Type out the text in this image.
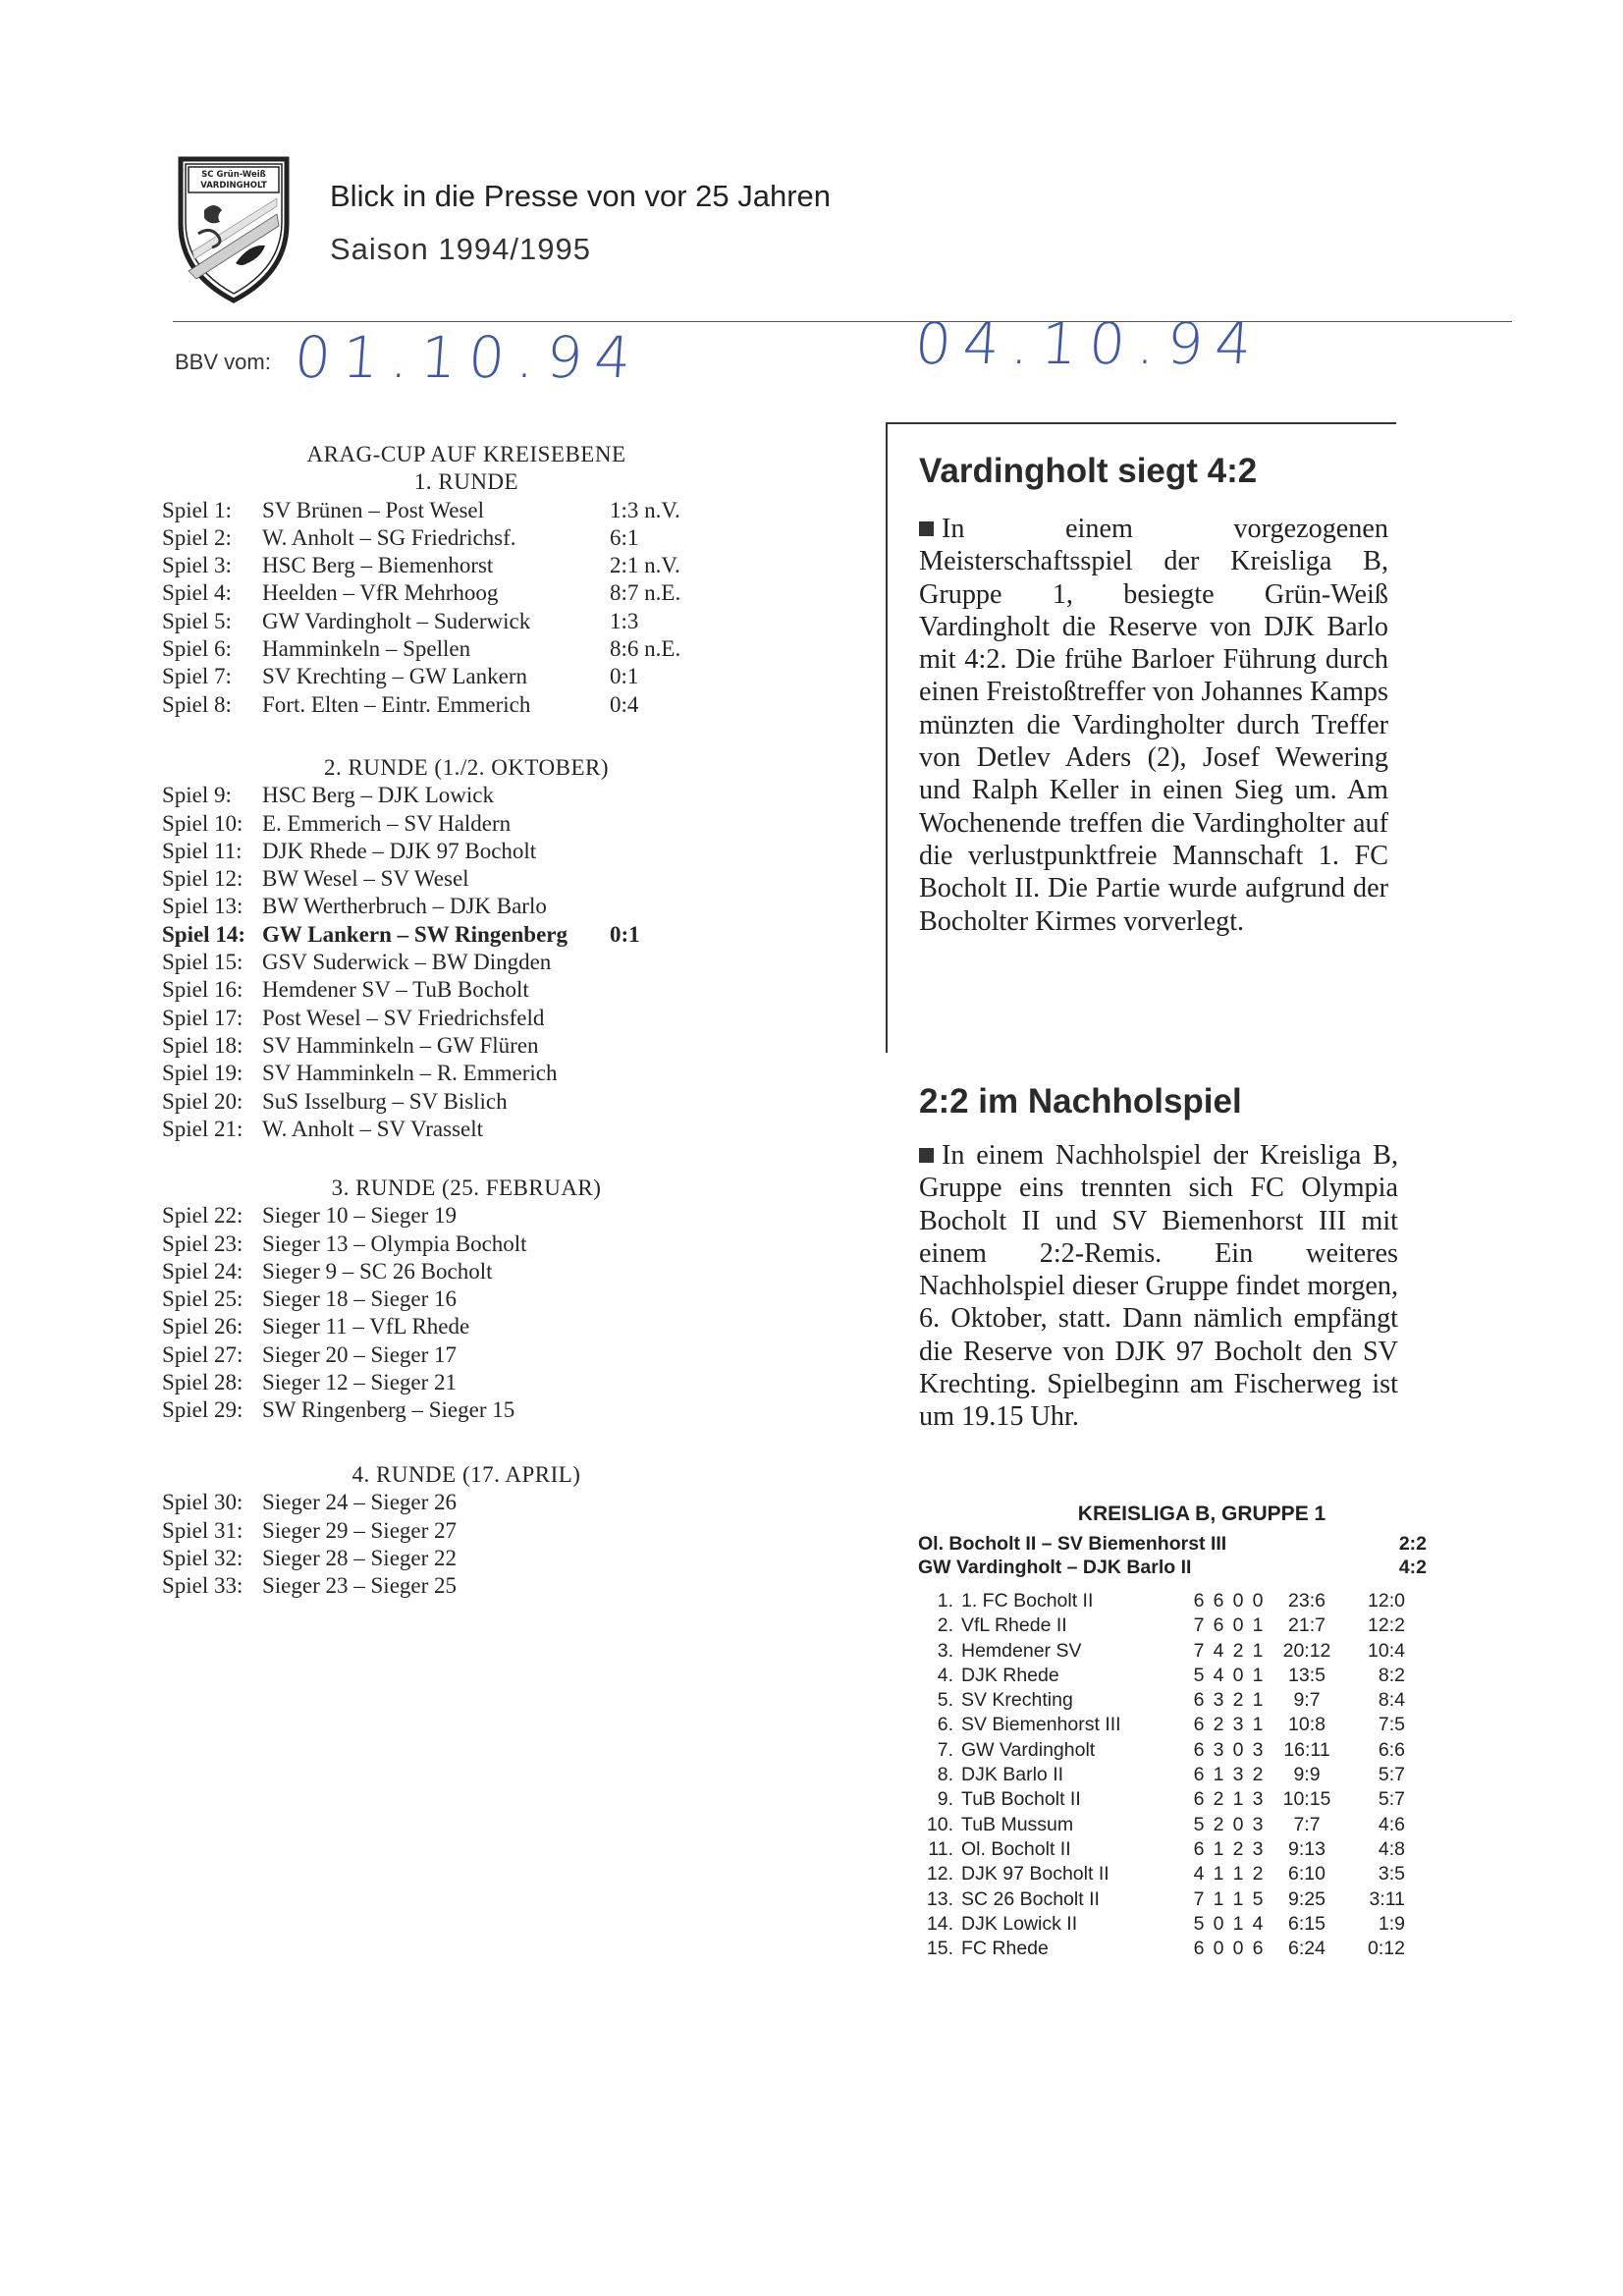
SC Grün-Weiß
VARDINGHOLT Blick in die Presse von vor 25 Jahren
Saison 1994/1995
BBV vom: 01.10.94	04.10.94
ARAG-CUP AUF KREISEBENE
1. RUNDE
Spiel 1:	SV Brünen – Post Wesel	1:3 n.V.
Spiel 2:	W. Anholt – SG Friedrichsf.	6:1
Spiel 3:	HSC Berg – Biemenhorst	2:1 n.V.
Spiel 4:	Heelden – VfR Mehrhoog	8:7 n.E.
Spiel 5:	GW Vardingholt – Suderwick	1:3
Spiel 6:	Hamminkeln – Spellen	8:6 n.E.
Spiel 7:	SV Krechting – GW Lankern	0:1
Spiel 8:	Fort. Elten – Eintr. Emmerich	0:4
2. RUNDE (1./2. OKTOBER)
Spiel 9:	HSC Berg – DJK Lowick
Spiel 10: E. Emmerich – SV Haldern
Spiel 11: DJK Rhede – DJK 97 Bocholt
Spiel 12: BW Wesel – SV Wesel
Spiel 13: BW Wertherbruch – DJK Barlo
Spiel 14: GW Lankern – SW Ringenberg	0:1
Spiel 15: GSV Suderwick – BW Dingden
Spiel 16: Hemdener SV – TuB Bocholt
Spiel 17: Post Wesel – SV Friedrichsfeld
Spiel 18: SV Hamminkeln – GW Flüren
Spiel 19: SV Hamminkeln – R. Emmerich
Spiel 20: SuS Isselburg – SV Bislich
Spiel 21: W. Anholt – SV Vrasselt
3. RUNDE (25. FEBRUAR)
Spiel 22: Sieger 10 – Sieger 19
Spiel 23: Sieger 13 – Olympia Bocholt
Spiel 24: Sieger 9 – SC 26 Bocholt
Spiel 25: Sieger 18 – Sieger 16
Spiel 26: Sieger 11 – VfL Rhede
Spiel 27: Sieger 20 – Sieger 17
Spiel 28: Sieger 12 – Sieger 21
Spiel 29: SW Ringenberg – Sieger 15
4. RUNDE (17. APRIL)
Spiel 30: Sieger 24 – Sieger 26
Spiel 31: Sieger 29 – Sieger 27
Spiel 32: Sieger 28 – Sieger 22
Spiel 33: Sieger 23 – Sieger 25
Vardingholt siegt 4:2
In einem vorgezogenen Meisterschaftsspiel der Kreisliga B, Gruppe 1, besiegte Grün-Weiß Vardingholt die Reserve von DJK Barlo mit 4:2. Die frühe Barloer Führung durch einen Freistoßtreffer von Johannes Kamps münzten die Vardingholter durch Treffer von Detlev Aders (2), Josef Wewering und Ralph Keller in einen Sieg um. Am Wochenende treffen die Vardingholter auf die verlustpunktfreie Mannschaft 1. FC Bocholt II. Die Partie wurde aufgrund der Bocholter Kirmes vorverlegt.
2:2 im Nachholspiel
In einem Nachholspiel der Kreisliga B, Gruppe eins trennten sich FC Olympia Bocholt II und SV Biemenhorst III mit einem 2:2-Remis. Ein weiteres Nachholspiel dieser Gruppe findet morgen, 6. Oktober, statt. Dann nämlich empfängt die Reserve von DJK 97 Bocholt den SV Krechting. Spielbeginn am Fischerweg ist um 19.15 Uhr.
KREISLIGA B, GRUPPE 1
Ol. Bocholt II – SV Biemenhorst III	2:2
GW Vardingholt – DJK Barlo II	4:2
1. 1. FC Bocholt II	6 6 0 0	23:6	12:0
2. VfL Rhede II	7 6 0 1	21:7	12:2
3. Hemdener SV	7 4 2 1	20:12	10:4
4. DJK Rhede	5 4 0 1	13:5	8:2
5. SV Krechting	6 3 2 1	9:7	8:4
6. SV Biemenhorst III	6 2 3 1	10:8	7:5
7. GW Vardingholt	6 3 0 3	16:11	6:6
8. DJK Barlo II	6 1 3 2	9:9	5:7
9. TuB Bocholt II	6 2 1 3	10:15	5:7
10. TuB Mussum	5 2 0 3	7:7	4:6
11. Ol. Bocholt II	6 1 2 3	9:13	4:8
12. DJK 97 Bocholt II	4 1 1 2	6:10	3:5
13. SC 26 Bocholt II	7 1 1 5	9:25	3:11
14. DJK Lowick II	5 0 1 4	6:15	1:9
15. FC Rhede	6 0 0 6	6:24	0:12
